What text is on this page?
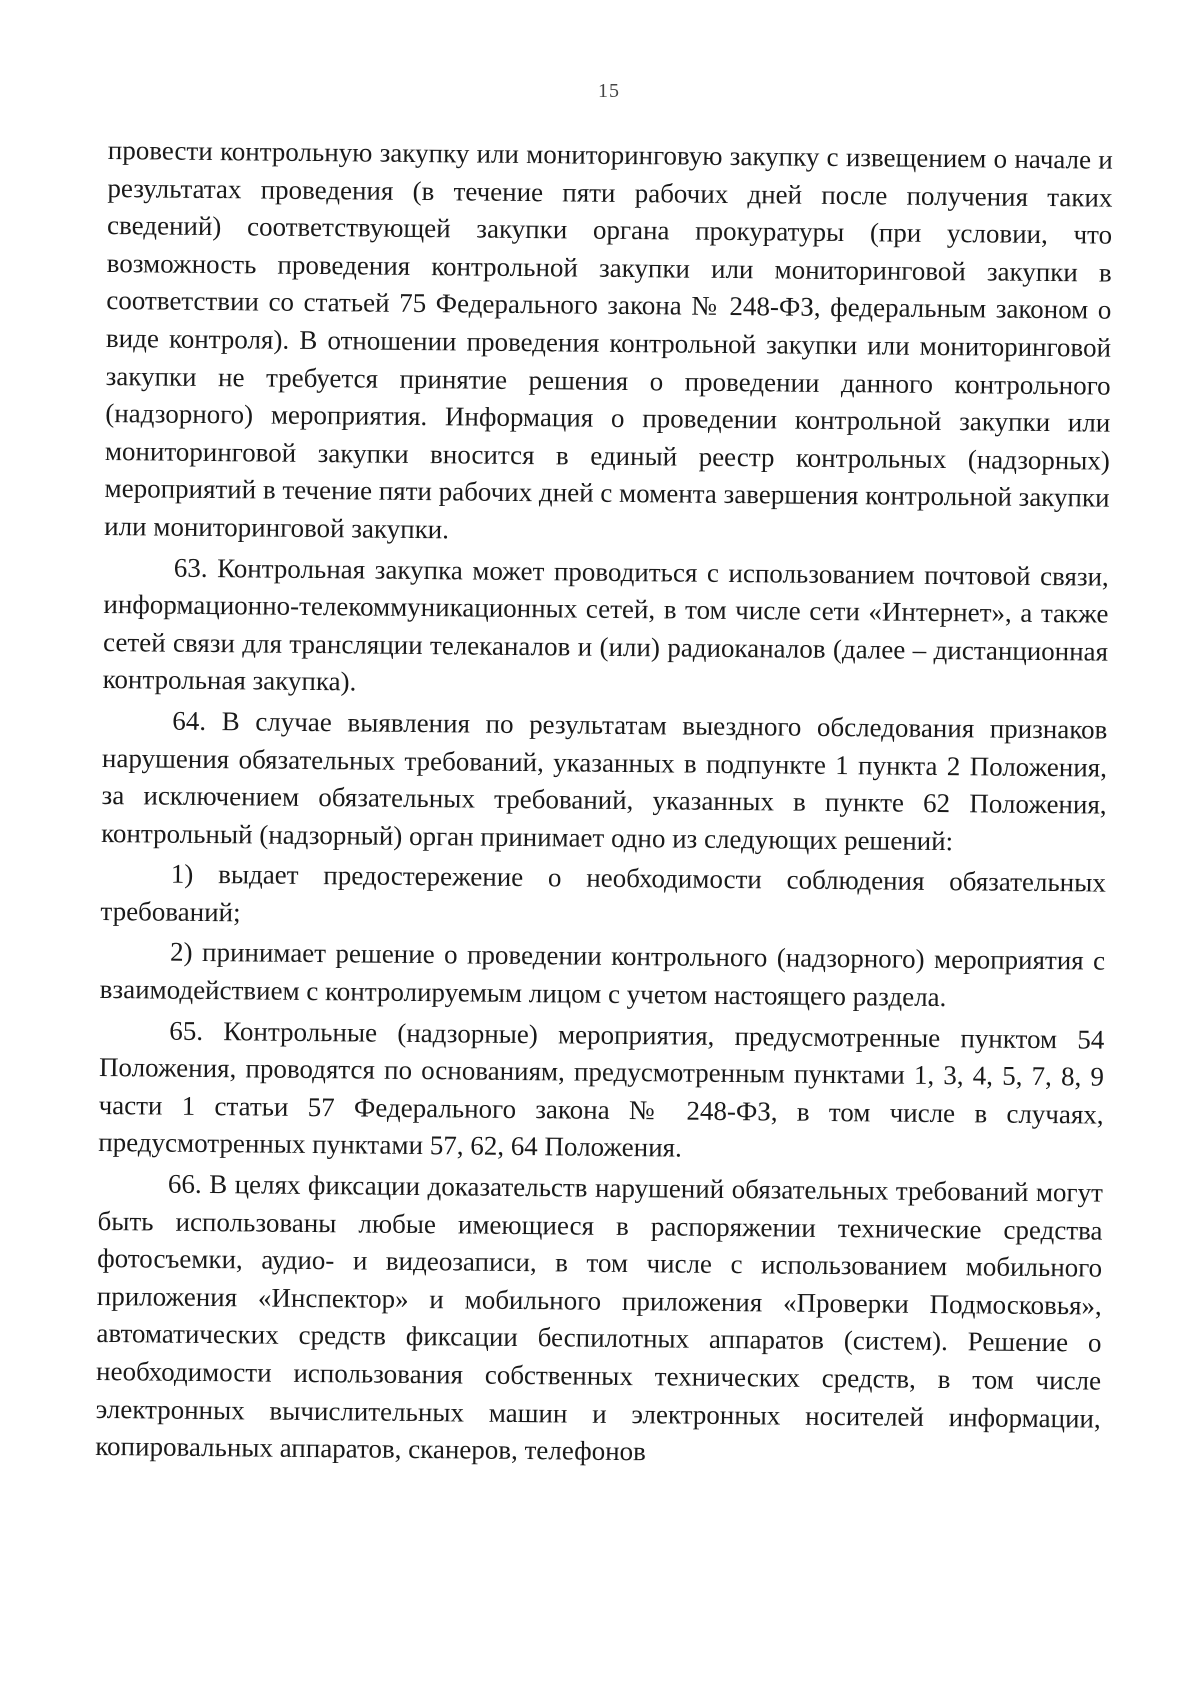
15

провести контрольную закупку или мониторинговую закупку с извещением о начале и результатах проведения (в течение пяти рабочих дней после получения таких сведений) соответствующей закупки органа прокуратуры (при условии, что возможность проведения контрольной закупки или мониторинговой закупки в соответствии со статьей 75 Федерального закона № 248-ФЗ, федеральным законом о виде контроля). В отношении проведения контрольной закупки или мониторинговой закупки не требуется принятие решения о проведении данного контрольного (надзорного) мероприятия. Информация о проведении контрольной закупки или мониторинговой закупки вносится в единый реестр контрольных (надзорных) мероприятий в течение пяти рабочих дней с момента завершения контрольной закупки или мониторинговой закупки.

63. Контрольная закупка может проводиться с использованием почтовой связи, информационно-телекоммуникационных сетей, в том числе сети «Интернет», а также сетей связи для трансляции телеканалов и (или) радиоканалов (далее – дистанционная контрольная закупка).

64. В случае выявления по результатам выездного обследования признаков нарушения обязательных требований, указанных в подпункте 1 пункта 2 Положения, за исключением обязательных требований, указанных в пункте 62 Положения, контрольный (надзорный) орган принимает одно из следующих решений:

1) выдает предостережение о необходимости соблюдения обязательных требований;

2) принимает решение о проведении контрольного (надзорного) мероприятия с взаимодействием с контролируемым лицом с учетом настоящего раздела.

65. Контрольные (надзорные) мероприятия, предусмотренные пунктом 54 Положения, проводятся по основаниям, предусмотренным пунктами 1, 3, 4, 5, 7, 8, 9 части 1 статьи 57 Федерального закона № 248-ФЗ, в том числе в случаях, предусмотренных пунктами 57, 62, 64 Положения.

66. В целях фиксации доказательств нарушений обязательных требований могут быть использованы любые имеющиеся в распоряжении технические средства фотосъемки, аудио- и видеозаписи, в том числе с использованием мобильного приложения «Инспектор» и мобильного приложения «Проверки Подмосковья», автоматических средств фиксации беспилотных аппаратов (систем). Решение о необходимости использования собственных технических средств, в том числе электронных вычислительных машин и электронных носителей информации, копировальных аппаратов, сканеров, телефонов
